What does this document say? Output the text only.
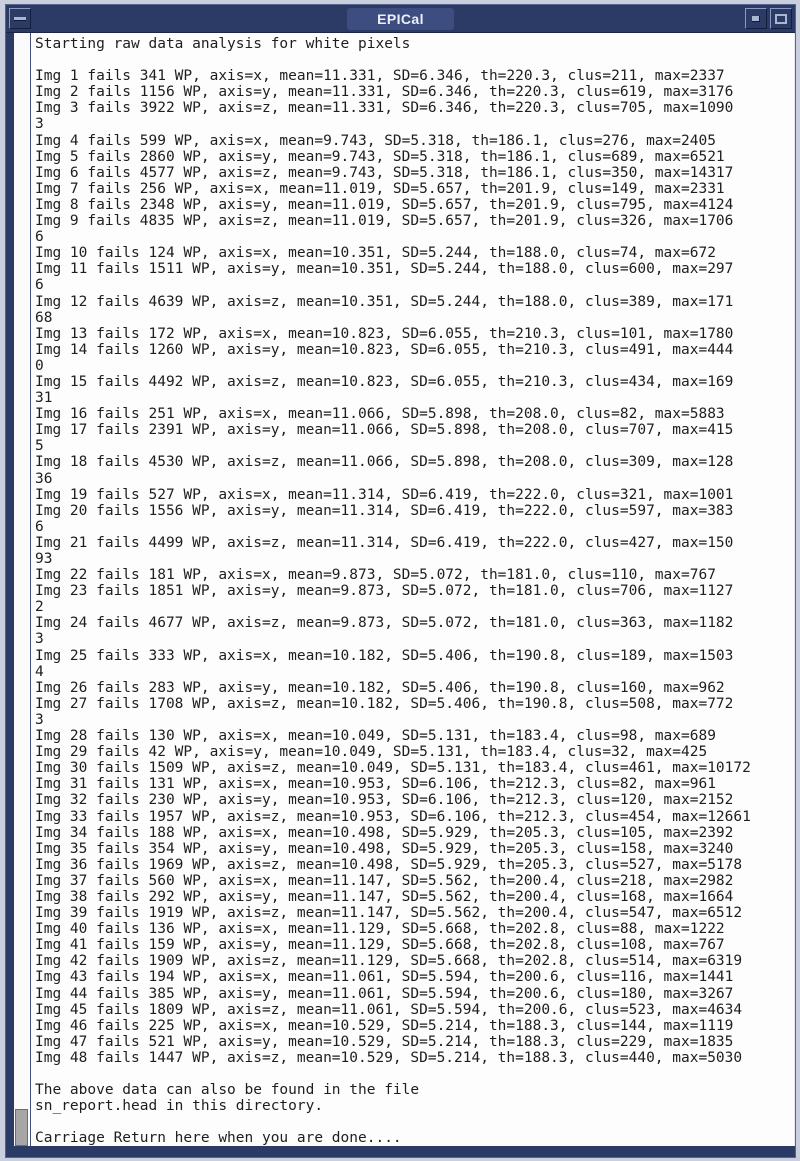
EPICal
Starting raw data analysis for white pixels

Img 1 fails 341 WP, axis=x, mean=11.331, SD=6.346, th=220.3, clus=211, max=2337
Img 2 fails 1156 WP, axis=y, mean=11.331, SD=6.346, th=220.3, clus=619, max=3176
Img 3 fails 3922 WP, axis=z, mean=11.331, SD=6.346, th=220.3, clus=705, max=1090
3
Img 4 fails 599 WP, axis=x, mean=9.743, SD=5.318, th=186.1, clus=276, max=2405
Img 5 fails 2860 WP, axis=y, mean=9.743, SD=5.318, th=186.1, clus=689, max=6521
Img 6 fails 4577 WP, axis=z, mean=9.743, SD=5.318, th=186.1, clus=350, max=14317
Img 7 fails 256 WP, axis=x, mean=11.019, SD=5.657, th=201.9, clus=149, max=2331
Img 8 fails 2348 WP, axis=y, mean=11.019, SD=5.657, th=201.9, clus=795, max=4124
Img 9 fails 4835 WP, axis=z, mean=11.019, SD=5.657, th=201.9, clus=326, max=1706
6
Img 10 fails 124 WP, axis=x, mean=10.351, SD=5.244, th=188.0, clus=74, max=672
Img 11 fails 1511 WP, axis=y, mean=10.351, SD=5.244, th=188.0, clus=600, max=297
6
Img 12 fails 4639 WP, axis=z, mean=10.351, SD=5.244, th=188.0, clus=389, max=171
68
Img 13 fails 172 WP, axis=x, mean=10.823, SD=6.055, th=210.3, clus=101, max=1780
Img 14 fails 1260 WP, axis=y, mean=10.823, SD=6.055, th=210.3, clus=491, max=444
0
Img 15 fails 4492 WP, axis=z, mean=10.823, SD=6.055, th=210.3, clus=434, max=169
31
Img 16 fails 251 WP, axis=x, mean=11.066, SD=5.898, th=208.0, clus=82, max=5883
Img 17 fails 2391 WP, axis=y, mean=11.066, SD=5.898, th=208.0, clus=707, max=415
5
Img 18 fails 4530 WP, axis=z, mean=11.066, SD=5.898, th=208.0, clus=309, max=128
36
Img 19 fails 527 WP, axis=x, mean=11.314, SD=6.419, th=222.0, clus=321, max=1001
Img 20 fails 1556 WP, axis=y, mean=11.314, SD=6.419, th=222.0, clus=597, max=383
6
Img 21 fails 4499 WP, axis=z, mean=11.314, SD=6.419, th=222.0, clus=427, max=150
93
Img 22 fails 181 WP, axis=x, mean=9.873, SD=5.072, th=181.0, clus=110, max=767
Img 23 fails 1851 WP, axis=y, mean=9.873, SD=5.072, th=181.0, clus=706, max=1127
2
Img 24 fails 4677 WP, axis=z, mean=9.873, SD=5.072, th=181.0, clus=363, max=1182
3
Img 25 fails 333 WP, axis=x, mean=10.182, SD=5.406, th=190.8, clus=189, max=1503
4
Img 26 fails 283 WP, axis=y, mean=10.182, SD=5.406, th=190.8, clus=160, max=962
Img 27 fails 1708 WP, axis=z, mean=10.182, SD=5.406, th=190.8, clus=508, max=772
3
Img 28 fails 130 WP, axis=x, mean=10.049, SD=5.131, th=183.4, clus=98, max=689
Img 29 fails 42 WP, axis=y, mean=10.049, SD=5.131, th=183.4, clus=32, max=425
Img 30 fails 1509 WP, axis=z, mean=10.049, SD=5.131, th=183.4, clus=461, max=10172
Img 31 fails 131 WP, axis=x, mean=10.953, SD=6.106, th=212.3, clus=82, max=961
Img 32 fails 230 WP, axis=y, mean=10.953, SD=6.106, th=212.3, clus=120, max=2152
Img 33 fails 1957 WP, axis=z, mean=10.953, SD=6.106, th=212.3, clus=454, max=12661
Img 34 fails 188 WP, axis=x, mean=10.498, SD=5.929, th=205.3, clus=105, max=2392
Img 35 fails 354 WP, axis=y, mean=10.498, SD=5.929, th=205.3, clus=158, max=3240
Img 36 fails 1969 WP, axis=z, mean=10.498, SD=5.929, th=205.3, clus=527, max=5178
Img 37 fails 560 WP, axis=x, mean=11.147, SD=5.562, th=200.4, clus=218, max=2982
Img 38 fails 292 WP, axis=y, mean=11.147, SD=5.562, th=200.4, clus=168, max=1664
Img 39 fails 1919 WP, axis=z, mean=11.147, SD=5.562, th=200.4, clus=547, max=6512
Img 40 fails 136 WP, axis=x, mean=11.129, SD=5.668, th=202.8, clus=88, max=1222
Img 41 fails 159 WP, axis=y, mean=11.129, SD=5.668, th=202.8, clus=108, max=767
Img 42 fails 1909 WP, axis=z, mean=11.129, SD=5.668, th=202.8, clus=514, max=6319
Img 43 fails 194 WP, axis=x, mean=11.061, SD=5.594, th=200.6, clus=116, max=1441
Img 44 fails 385 WP, axis=y, mean=11.061, SD=5.594, th=200.6, clus=180, max=3267
Img 45 fails 1809 WP, axis=z, mean=11.061, SD=5.594, th=200.6, clus=523, max=4634
Img 46 fails 225 WP, axis=x, mean=10.529, SD=5.214, th=188.3, clus=144, max=1119
Img 47 fails 521 WP, axis=y, mean=10.529, SD=5.214, th=188.3, clus=229, max=1835
Img 48 fails 1447 WP, axis=z, mean=10.529, SD=5.214, th=188.3, clus=440, max=5030

The above data can also be found in the file
sn_report.head in this directory.

Carriage Return here when you are done....
